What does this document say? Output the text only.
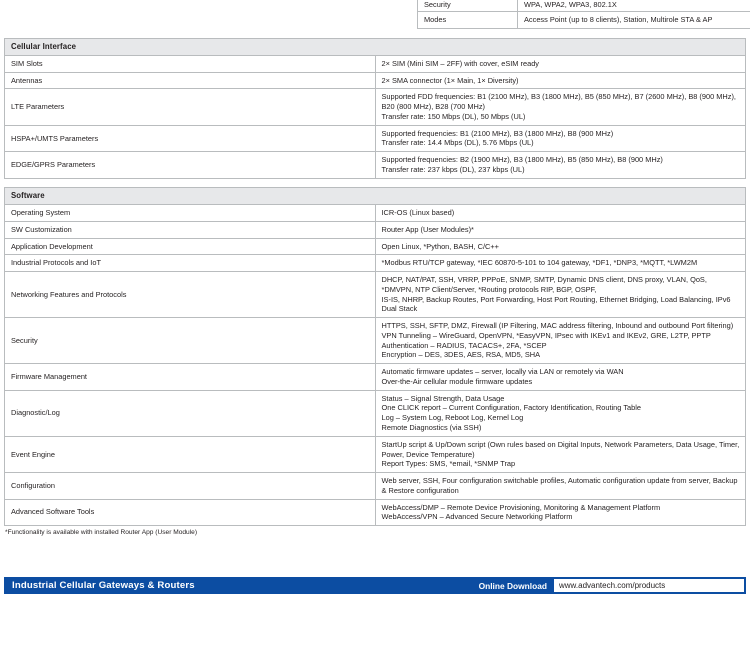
Security	WPA, WPA2, WPA3, 802.1X
Modes	Access Point (up to 8 clients), Station, Multirole STA & AP
Cellular Interface	
SIM Slots	2× SIM (Mini SIM – 2FF) with cover, eSIM ready

Antennas	2× SMA connector (1× Main, 1× Diversity)

LTE Parameters	Supported FDD frequencies: B1 (2100 MHz), B3 (1800 MHz), B5 (850 MHz), B7 (2600 MHz), B8 (900 MHz), B20 (800 MHz), B28 (700 MHz)
Transfer rate: 150 Mbps (DL), 50 Mbps (UL)

HSPA+/UMTS Parameters	Supported frequencies: B1 (2100 MHz), B3 (1800 MHz), B8 (900 MHz)
Transfer rate: 14.4 Mbps (DL), 5.76 Mbps (UL)

EDGE/GPRS Parameters	Supported frequencies: B2 (1900 MHz), B3 (1800 MHz), B5 (850 MHz), B8 (900 MHz)
Transfer rate: 237 kbps (DL), 237 kbps (UL)
Software	
Operating System	ICR-OS (Linux based)

SW Customization	Router App (User Modules)*

Application Development	Open Linux, *Python, BASH, C/C++

Industrial Protocols and IoT	*Modbus RTU/TCP gateway, *IEC 60870-5-101 to 104 gateway, *DF1, *DNP3, *MQTT, *LWM2M

Networking Features and Protocols	DHCP, NAT/PAT, SSH, VRRP, PPPoE, SNMP, SMTP, Dynamic DNS client, DNS proxy, VLAN, QoS, *DMVPN, NTP Client/Server, *Routing protocols RIP, BGP, OSPF,
IS-IS, NHRP, Backup Routes, Port Forwarding, Host Port Routing, Ethernet Bridging, Load Balancing, IPv6 Dual Stack

Security	HTTPS, SSH, SFTP, DMZ, Firewall (IP Filtering, MAC address filtering, Inbound and outbound Port filtering)
VPN Tunneling – WireGuard, OpenVPN, *EasyVPN, IPsec with IKEv1 and IKEv2, GRE, L2TP, PPTP
Authentication – RADIUS, TACACS+, 2FA, *SCEP
Encryption – DES, 3DES, AES, RSA, MD5, SHA

Firmware Management	Automatic firmware updates – server, locally via LAN or remotely via WAN
Over-the-Air cellular module firmware updates

Diagnostic/Log	Status – Signal Strength, Data Usage
One CLICK report – Current Configuration, Factory Identification, Routing Table
Log – System Log, Reboot Log, Kernel Log
Remote Diagnostics (via SSH)

Event Engine	StartUp script & Up/Down script (Own rules based on Digital Inputs, Network Parameters, Data Usage, Timer, Power, Device Temperature)
Report Types: SMS, *email, *SNMP Trap

Configuration	Web server, SSH, Four configuration switchable profiles, Automatic configuration update from server, Backup & Restore configuration

Advanced Software Tools	WebAccess/DMP – Remote Device Provisioning, Monitoring & Management Platform
WebAccess/VPN – Advanced Secure Networking Platform
*Functionality is available with installed Router App (User Module)
Industrial Cellular Gateways & Routers	Online Download	www.advantech.com/products
